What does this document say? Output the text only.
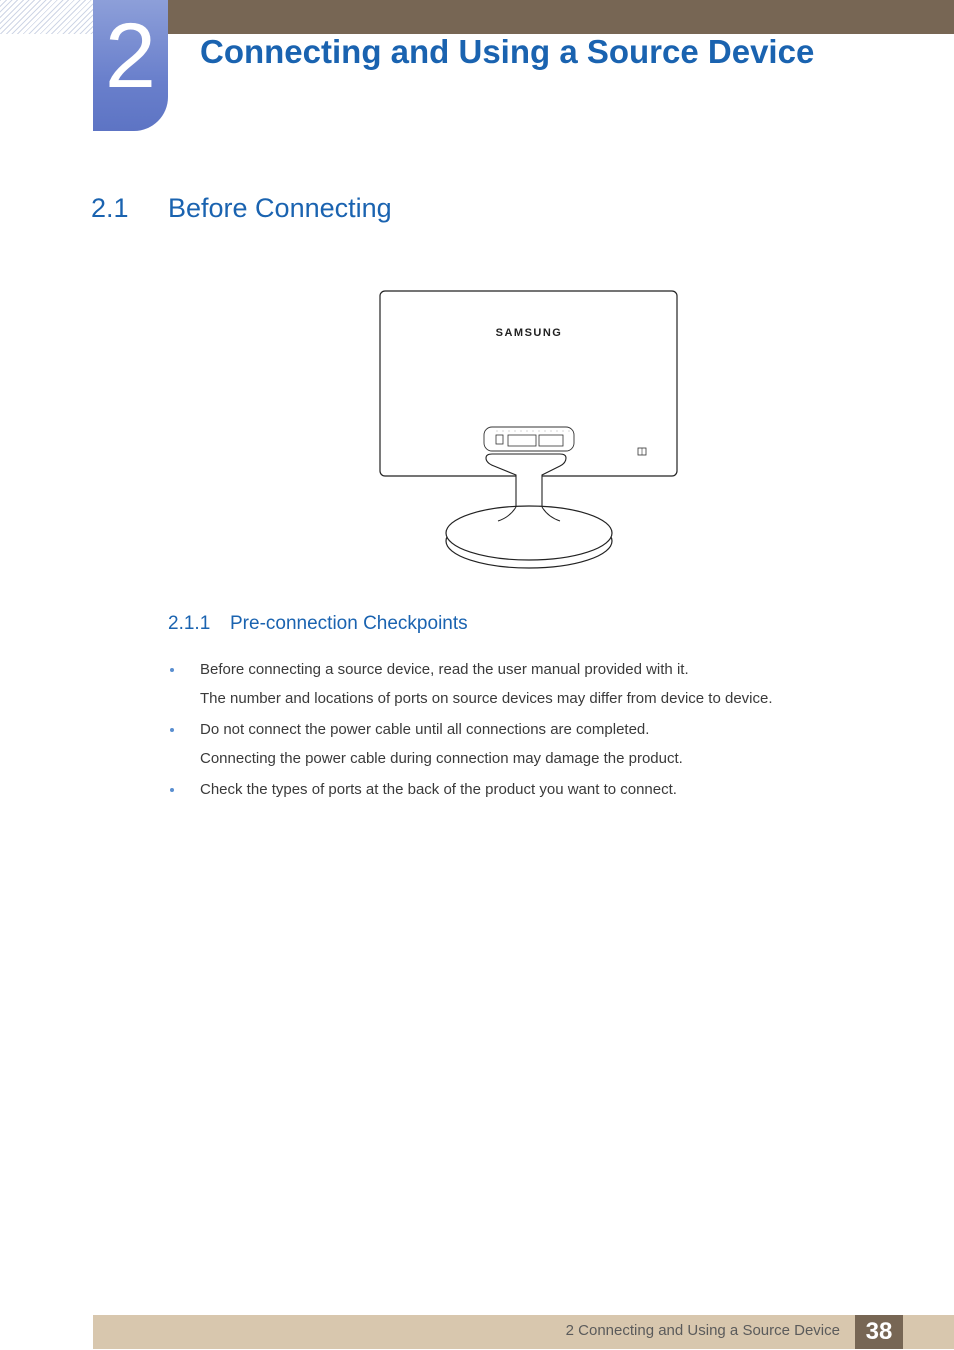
2	Connecting and Using a Source Device
2.1 Before Connecting
SAMSUNG
2.1.1 Pre-connection Checkpoints

Before connecting a source device, read the user manual provided with it.

The number and locations of ports on source devices may differ from device to device.

Do not connect the power cable until all connections are completed.

Connecting the power cable during connection may damage the product.

Check the types of ports at the back of the product you want to connect.

2 Connecting and Using a Source Device	38
